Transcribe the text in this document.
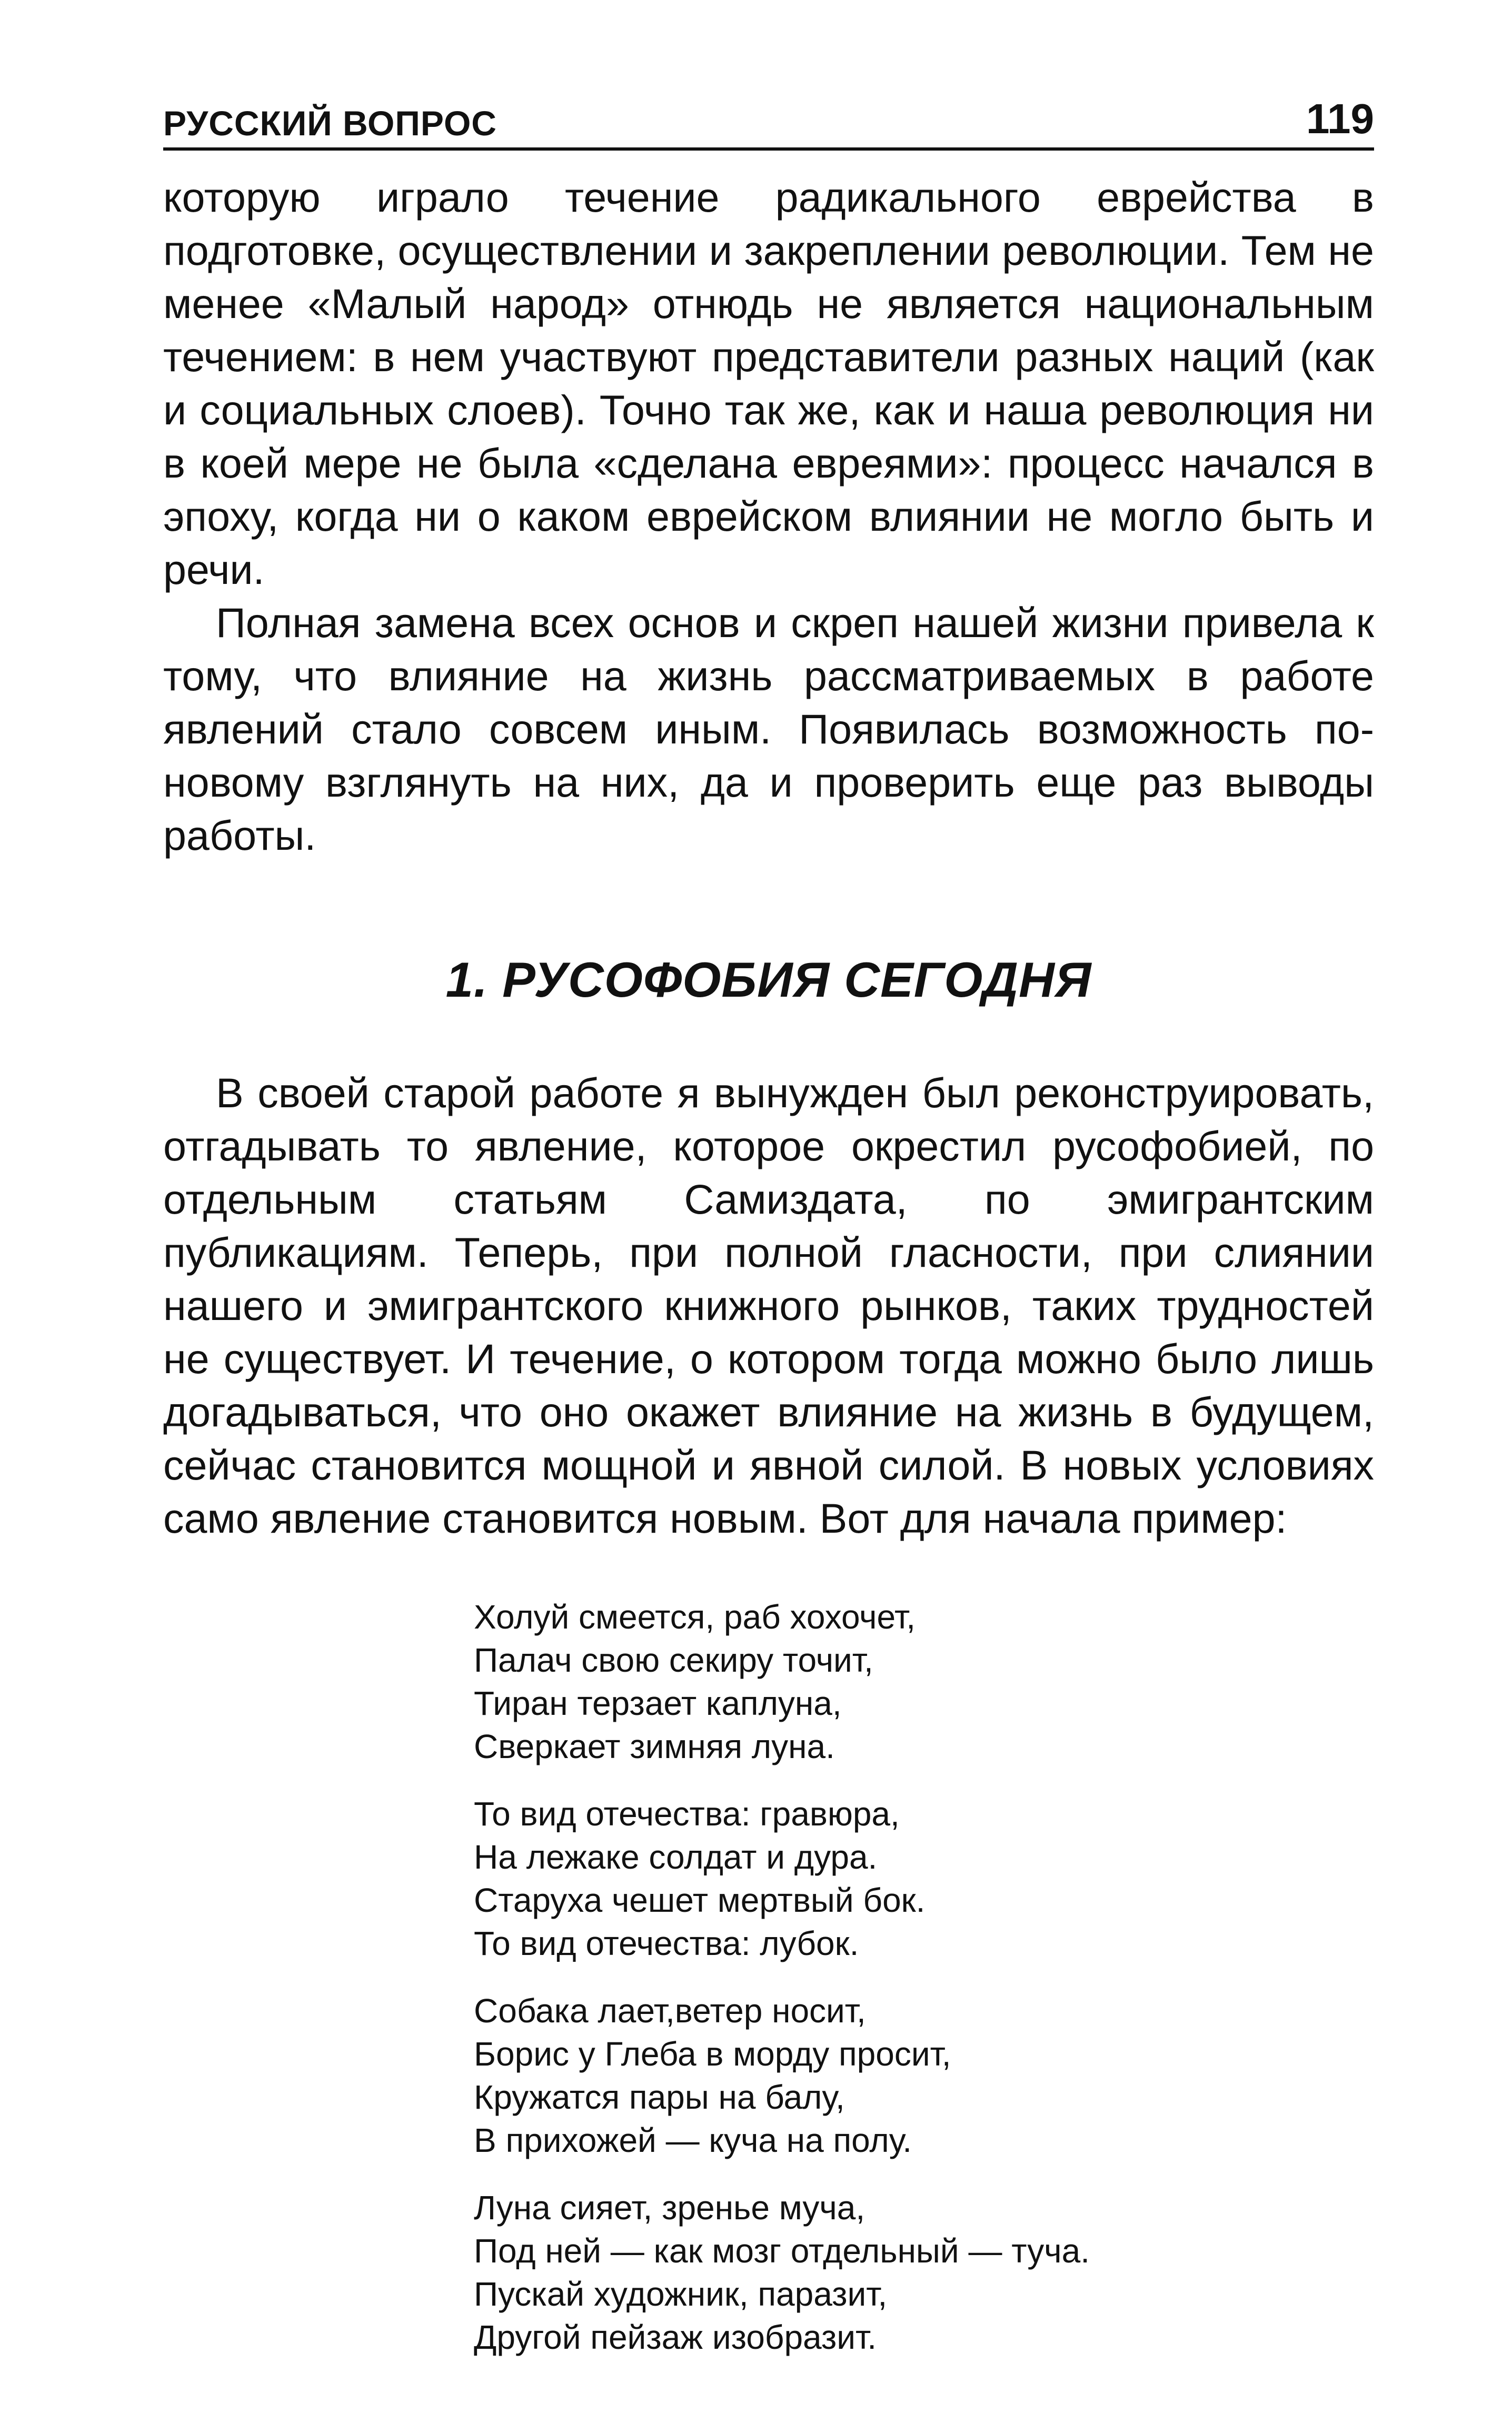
РУССКИЙ ВОПРОС	119

которую играло течение радикального еврейства в подготовке, осуществлении и закреплении революции. Тем не менее «Малый народ» отнюдь не является национальным течением: в нем участвуют представители разных наций (как и социальных слоев). Точно так же, как и наша революция ни в коей мере не была «сделана евреями»: процесс начался в эпоху, когда ни о каком еврейском влиянии не могло быть и речи.

Полная замена всех основ и скреп нашей жизни привела к тому, что влияние на жизнь рассматриваемых в работе явлений стало совсем иным. Появилась возможность по-новому взглянуть на них, да и проверить еще раз выводы работы.

1. РУСОФОБИЯ СЕГОДНЯ

В своей старой работе я вынужден был реконструировать, отгадывать то явление, которое окрестил русофобией, по отдельным статьям Самиздата, по эмигрантским публикациям. Теперь, при полной гласности, при слиянии нашего и эмигрантского книжного рынков, таких трудностей не существует. И течение, о котором тогда можно было лишь догадываться, что оно окажет влияние на жизнь в будущем, сейчас становится мощной и явной силой. В новых условиях само явление становится новым. Вот для начала пример:

Холуй смеется, раб хохочет,
Палач свою секиру точит,
Тиран терзает каплуна,
Сверкает зимняя луна.
То вид отечества: гравюра,
На лежаке солдат и дура.
Старуха чешет мертвый бок.
То вид отечества: лубок.
Собака лает,ветер носит,
Борис у Глеба в морду просит,
Кружатся пары на балу,
В прихожей — куча на полу.
Луна сияет, зренье муча,
Под ней — как мозг отдельный — туча.
Пускай художник, паразит,
Другой пейзаж изобразит.
